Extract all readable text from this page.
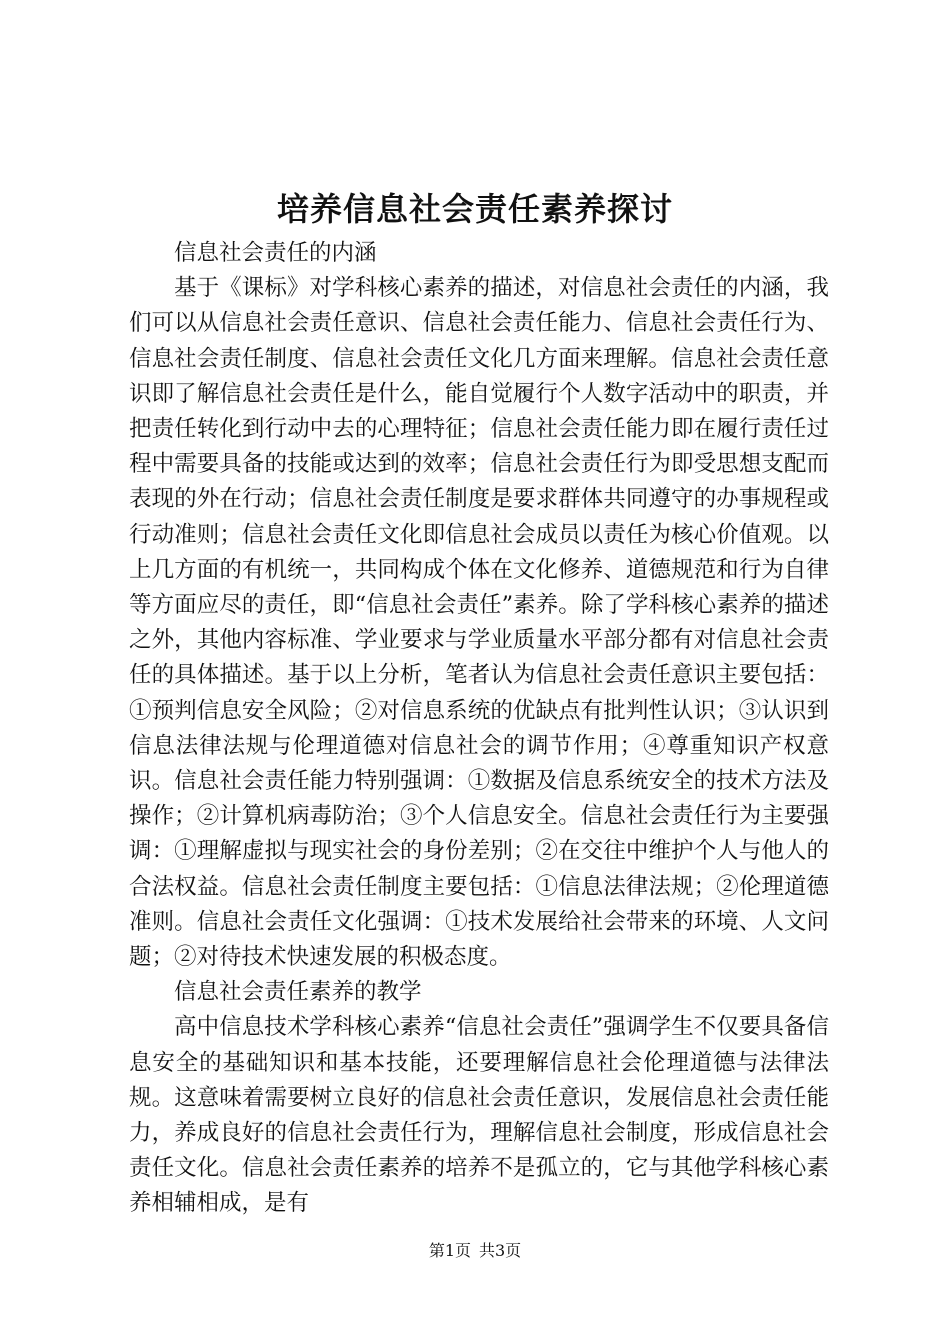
培养信息社会责任素养探讨

信息社会责任的内涵

基于《课标》对学科核心素养的描述，对信息社会责任的内涵，我们可以从信息社会责任意识、信息社会责任能力、信息社会责任行为、信息社会责任制度、信息社会责任文化几方面来理解。信息社会责任意识即了解信息社会责任是什么，能自觉履行个人数字活动中的职责，并把责任转化到行动中去的心理特征；信息社会责任能力即在履行责任过程中需要具备的技能或达到的效率；信息社会责任行为即受思想支配而表现的外在行动；信息社会责任制度是要求群体共同遵守的办事规程或行动准则；信息社会责任文化即信息社会成员以责任为核心价值观。以上几方面的有机统一，共同构成个体在文化修养、道德规范和行为自律等方面应尽的责任，即“信息社会责任”素养。除了学科核心素养的描述之外，其他内容标准、学业要求与学业质量水平部分都有对信息社会责任的具体描述。基于以上分析，笔者认为信息社会责任意识主要包括：①预判信息安全风险；②对信息系统的优缺点有批判性认识；③认识到信息法律法规与伦理道德对信息社会的调节作用；④尊重知识产权意识。信息社会责任能力特别强调：①数据及信息系统安全的技术方法及操作；②计算机病毒防治；③个人信息安全。信息社会责任行为主要强调：①理解虚拟与现实社会的身份差别；②在交往中维护个人与他人的合法权益。信息社会责任制度主要包括：①信息法律法规；②伦理道德准则。信息社会责任文化强调：①技术发展给社会带来的环境、人文问题；②对待技术快速发展的积极态度。

信息社会责任素养的教学

高中信息技术学科核心素养“信息社会责任”强调学生不仅要具备信息安全的基础知识和基本技能，还要理解信息社会伦理道德与法律法规。这意味着需要树立良好的信息社会责任意识，发展信息社会责任能力，养成良好的信息社会责任行为，理解信息社会制度，形成信息社会责任文化。信息社会责任素养的培养不是孤立的，它与其他学科核心素养相辅相成，是有

第1页 共3页
